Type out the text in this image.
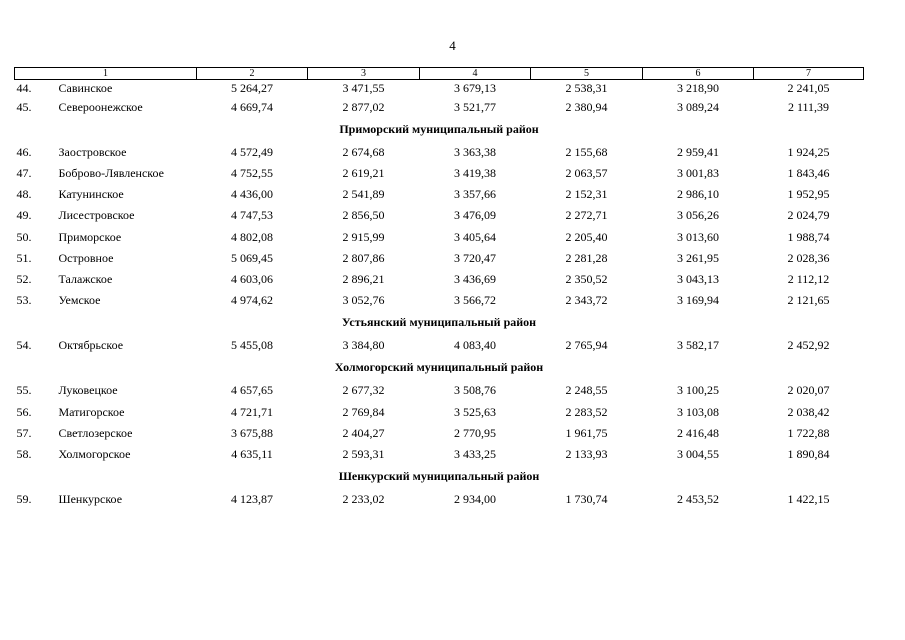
4
1	2	3	4	5	6	7
44. Савинское	5 264,27	3 471,55	3 679,13	2 538,31	3 218,90	2 241,05
45. Североонежское	4 669,74	2 877,02	3 521,77	2 380,94	3 089,24	2 111,39
Приморский муниципальный район						
46. Заостровское	4 572,49	2 674,68	3 363,38	2 155,68	2 959,41	1 924,25
47. Боброво-Лявленское	4 752,55	2 619,21	3 419,38	2 063,57	3 001,83	1 843,46
48. Катунинское	4 436,00	2 541,89	3 357,66	2 152,31	2 986,10	1 952,95
49. Лисестровское	4 747,53	2 856,50	3 476,09	2 272,71	3 056,26	2 024,79
50. Приморское	4 802,08	2 915,99	3 405,64	2 205,40	3 013,60	1 988,74
51. Островное	5 069,45	2 807,86	3 720,47	2 281,28	3 261,95	2 028,36
52. Талажское	4 603,06	2 896,21	3 436,69	2 350,52	3 043,13	2 112,12
53. Уемское	4 974,62	3 052,76	3 566,72	2 343,72	3 169,94	2 121,65
Устьянский муниципальный район						
54. Октябрьское	5 455,08	3 384,80	4 083,40	2 765,94	3 582,17	2 452,92
Холмогорский муниципальный район						
55. Луковецкое	4 657,65	2 677,32	3 508,76	2 248,55	3 100,25	2 020,07
56. Матигорское	4 721,71	2 769,84	3 525,63	2 283,52	3 103,08	2 038,42
57. Светлозерское	3 675,88	2 404,27	2 770,95	1 961,75	2 416,48	1 722,88
58. Холмогорское	4 635,11	2 593,31	3 433,25	2 133,93	3 004,55	1 890,84
Шенкурский муниципальный район						
59. Шенкурское	4 123,87	2 233,02	2 934,00	1 730,74	2 453,52	1 422,15
